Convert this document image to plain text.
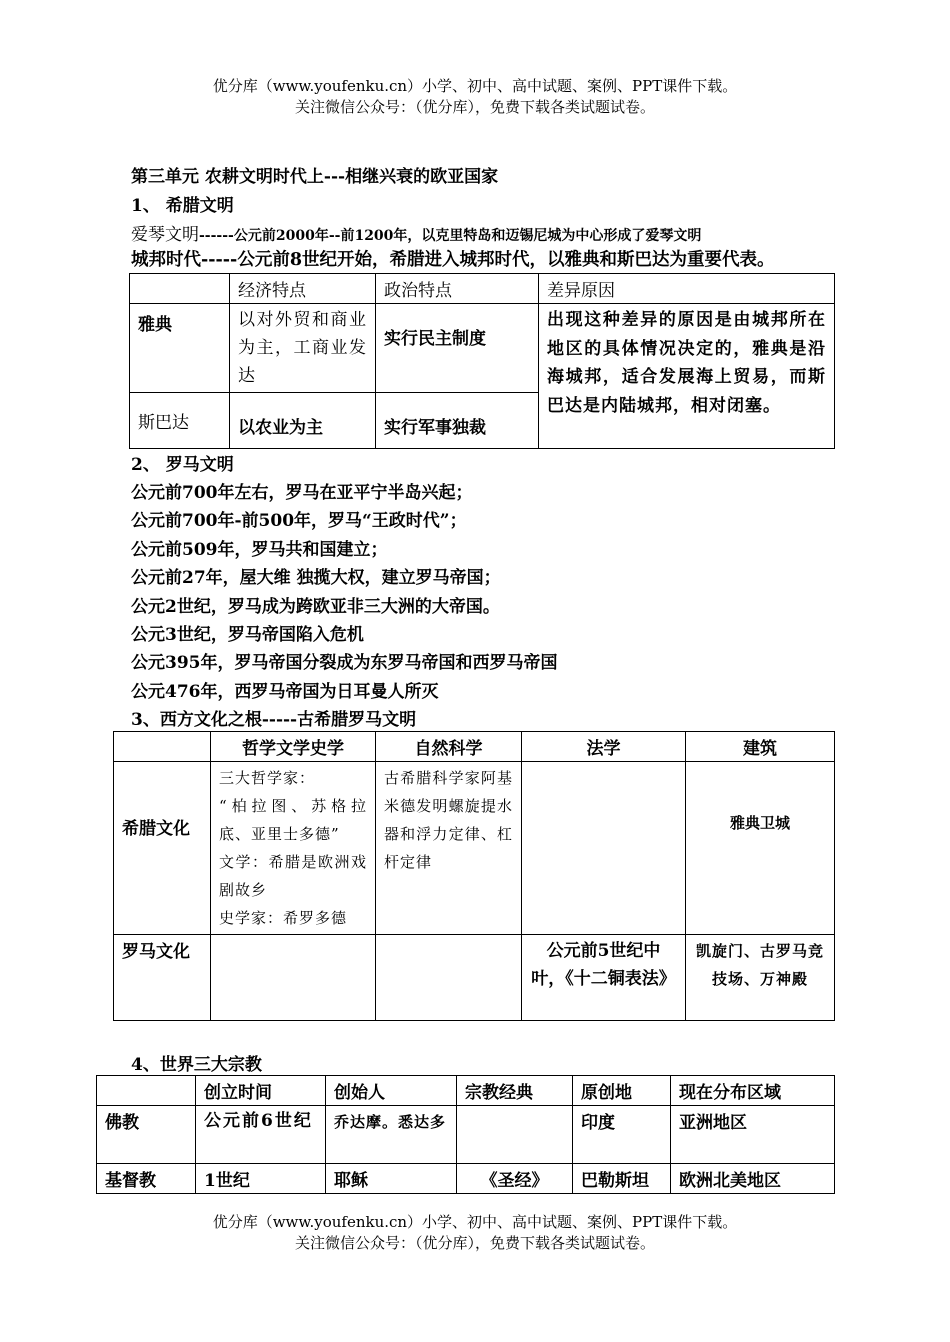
优分库（www.youfenku.cn）小学、初中、高中试题、案例、PPT课件下载。
关注微信公众号：（优分库），免费下载各类试题试卷。
第三单元 农耕文明时代上---相继兴衰的欧亚国家
1、 希腊文明
爱琴文明------公元前2000年--前1200年，以克里特岛和迈锡尼城为中心形成了爱琴文明
城邦时代-----公元前8世纪开始，希腊进入城邦时代，以雅典和斯巴达为重要代表。
	经济特点	政治特点	差异原因
雅典	以对外贸和商业为主，工商业发达	实行民主制度	出现这种差异的原因是由城邦所在地区的具体情况决定的，雅典是沿海城邦，适合发展海上贸易，而斯巴达是内陆城邦，相对闭塞。
斯巴达	以农业为主	实行军事独裁	
2、 罗马文明
公元前700年左右，罗马在亚平宁半岛兴起；
公元前700年-前500年，罗马“王政时代”；
公元前509年，罗马共和国建立；
公元前27年，屋大维 独揽大权，建立罗马帝国；
公元2世纪，罗马成为跨欧亚非三大洲的大帝国。
公元3世纪，罗马帝国陷入危机
公元395年，罗马帝国分裂成为东罗马帝国和西罗马帝国
公元476年，西罗马帝国为日耳曼人所灭
3、西方文化之根-----古希腊罗马文明
	哲学文学史学	自然科学	法学	建筑
希腊文化	三大哲学家：
“柏拉图、苏格拉底、亚里士多德”
文学：希腊是欧洲戏剧故乡
史学家：希罗多德	古希腊科学家阿基米德发明螺旋提水器和浮力定律、杠杆定律		雅典卫城
罗马文化			公元前5世纪中叶，《十二铜表法》	凯旋门、古罗马竞技场、万神殿
4、世界三大宗教
	创立时间	创始人	宗教经典	原创地	现在分布区域
佛教	公元前6世纪	乔达摩。悉达多		印度	亚洲地区
基督教	1世纪	耶稣	《圣经》	巴勒斯坦	欧洲北美地区
优分库（www.youfenku.cn）小学、初中、高中试题、案例、PPT课件下载。
关注微信公众号：（优分库），免费下载各类试题试卷。
